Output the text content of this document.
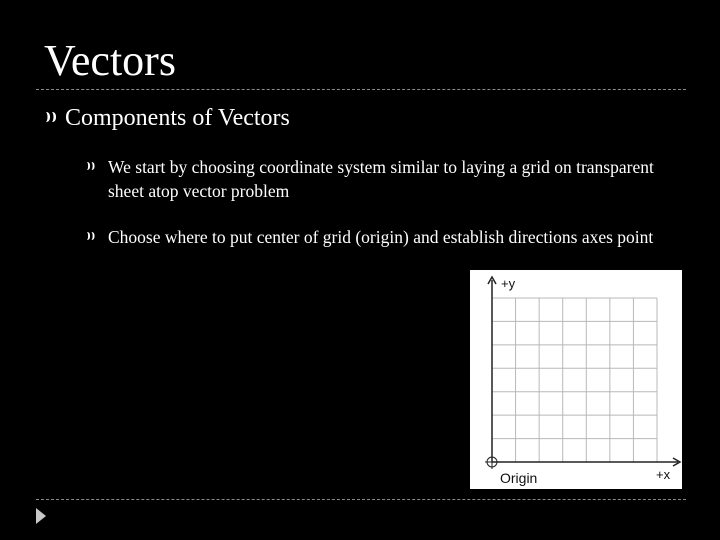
Vectors
Components of Vectors
We start by choosing coordinate system similar to laying a grid on transparent sheet atop vector problem
Choose where to put center of grid (origin) and establish directions axes point
+y
+x
Origin
